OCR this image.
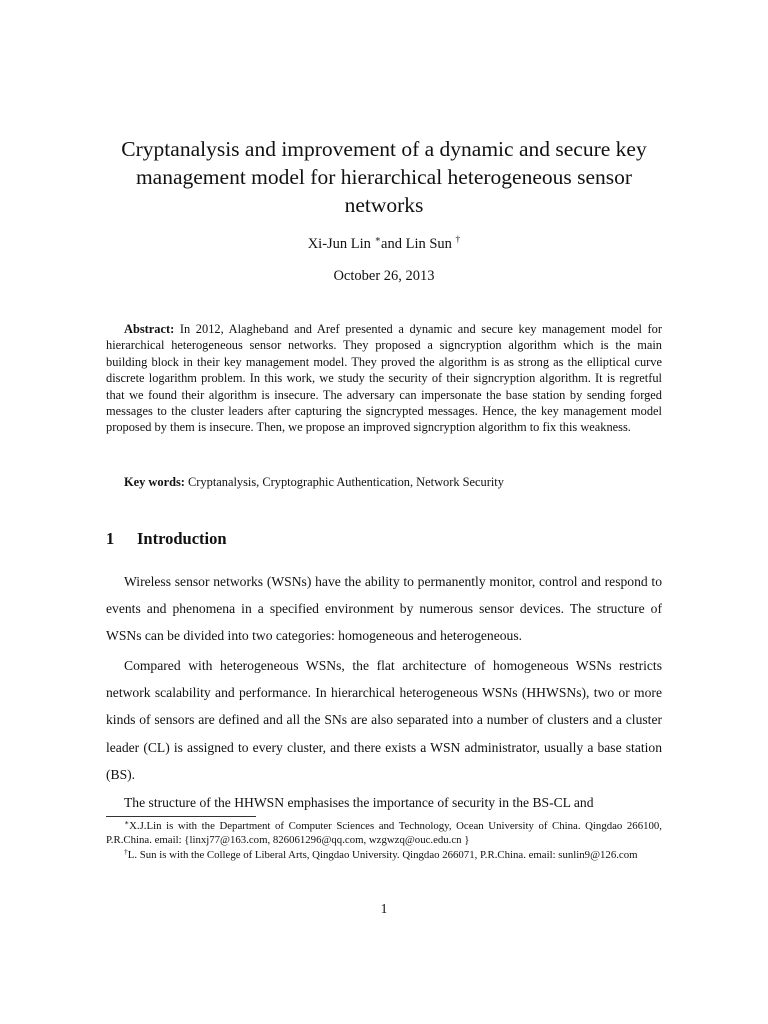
Cryptanalysis and improvement of a dynamic and secure key management model for hierarchical heterogeneous sensor networks
Xi-Jun Lin ∗and Lin Sun †
October 26, 2013

Abstract: In 2012, Alagheband and Aref presented a dynamic and secure key management model for hierarchical heterogeneous sensor networks. They proposed a signcryption algorithm which is the main building block in their key management model. They proved the algorithm is as strong as the elliptical curve discrete logarithm problem. In this work, we study the security of their signcryption algorithm. It is regretful that we found their algorithm is insecure. The adversary can impersonate the base station by sending forged messages to the cluster leaders after capturing the signcrypted messages. Hence, the key management model proposed by them is insecure. Then, we propose an improved signcryption algorithm to fix this weakness.

Key words: Cryptanalysis, Cryptographic Authentication, Network Security

1 Introduction

Wireless sensor networks (WSNs) have the ability to permanently monitor, control and respond to events and phenomena in a specified environment by numerous sensor devices. The structure of WSNs can be divided into two categories: homogeneous and heterogeneous.

Compared with heterogeneous WSNs, the flat architecture of homogeneous WSNs restricts network scalability and performance. In hierarchical heterogeneous WSNs (HHWSNs), two or more kinds of sensors are defined and all the SNs are also separated into a number of clusters and a cluster leader (CL) is assigned to every cluster, and there exists a WSN administrator, usually a base station (BS).

The structure of the HHWSN emphasises the importance of security in the BS-CL and

∗X.J.Lin is with the Department of Computer Sciences and Technology, Ocean University of China. Qingdao 266100, P.R.China. email: {linxj77@163.com, 826061296@qq.com, wzgwzq@ouc.edu.cn }

†L. Sun is with the College of Liberal Arts, Qingdao University. Qingdao 266071, P.R.China. email: sunlin9@126.com

1
